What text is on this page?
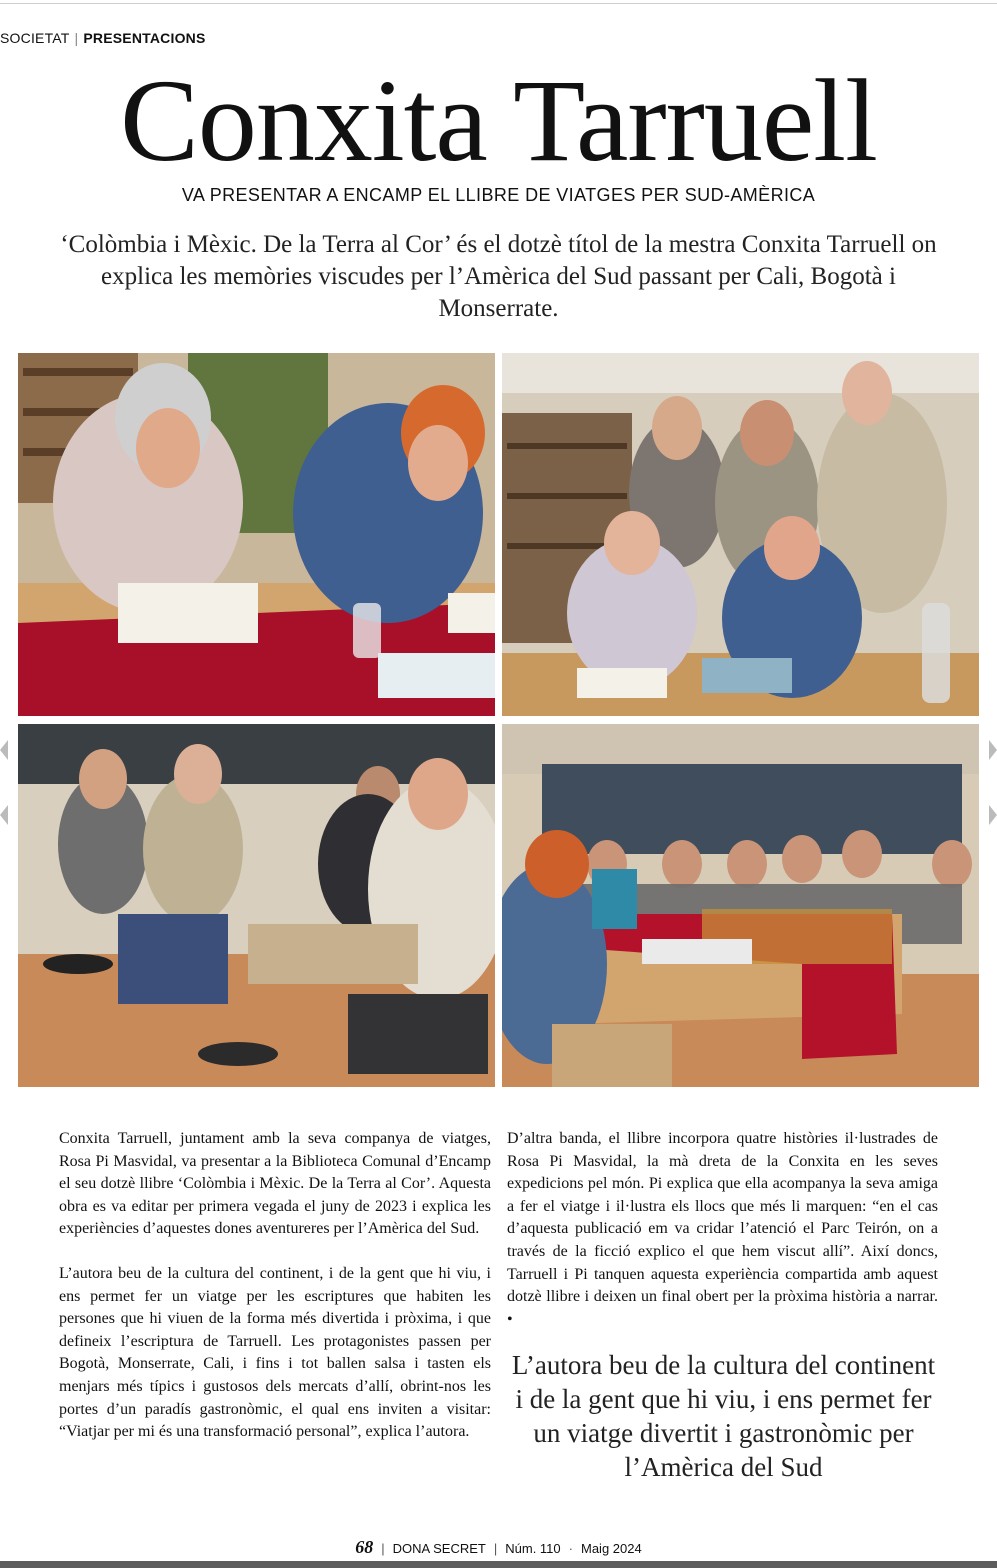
SOCIETAT | PRESENTACIONS
Conxita Tarruell
VA PRESENTAR A ENCAMP EL LLIBRE DE VIATGES PER SUD-AMÈRICA
‘Colòmbia i Mèxic. De la Terra al Cor’ és el dotzè títol de la mestra Conxita Tarruell on explica les memòries viscudes per l’Amèrica del Sud passant per Cali, Bogotà i Monserrate.

Conxita Tarruell, juntament amb la seva companya de viatges, Rosa Pi Masvidal, va presentar a la Biblioteca Comunal d’Encamp el seu dotzè llibre ‘Colòmbia i Mèxic. De la Terra al Cor’. Aquesta obra es va editar per primera vegada el juny de 2023 i explica les experiències d’aquestes dones aventureres per l’Amèrica del Sud.

L’autora beu de la cultura del continent, i de la gent que hi viu, i ens permet fer un viatge per les escriptures que habiten les persones que hi viuen de la forma més divertida i pròxima, i que defineix l’escriptura de Tarruell. Les protagonistes passen per Bogotà, Monserrate, Cali, i fins i tot ballen salsa i tasten els menjars més típics i gustosos dels mercats d’allí, obrint-nos les portes d’un paradís gastronòmic, el qual ens inviten a visitar: “Viatjar per mi és una transformació personal”, explica l’autora.

D’altra banda, el llibre incorpora quatre històries il·lustrades de Rosa Pi Masvidal, la mà dreta de la Conxita en les seves expedicions pel món. Pi explica que ella acompanya la seva amiga a fer el viatge i il·lustra els llocs que més li marquen: “en el cas d’aquesta publicació em va cridar l’atenció el Parc Teirón, on a través de la ficció explico el que hem viscut allí”. Així doncs, Tarruell i Pi tanquen aquesta experiència compartida amb aquest dotzè llibre i deixen un final obert per la pròxima història a narrar. •

L’autora beu de la cultura del continent i de la gent que hi viu, i ens permet fer un viatge divertit i gastronòmic per l’Amèrica del Sud
68 | DONA SECRET | Núm. 110 · Maig 2024
